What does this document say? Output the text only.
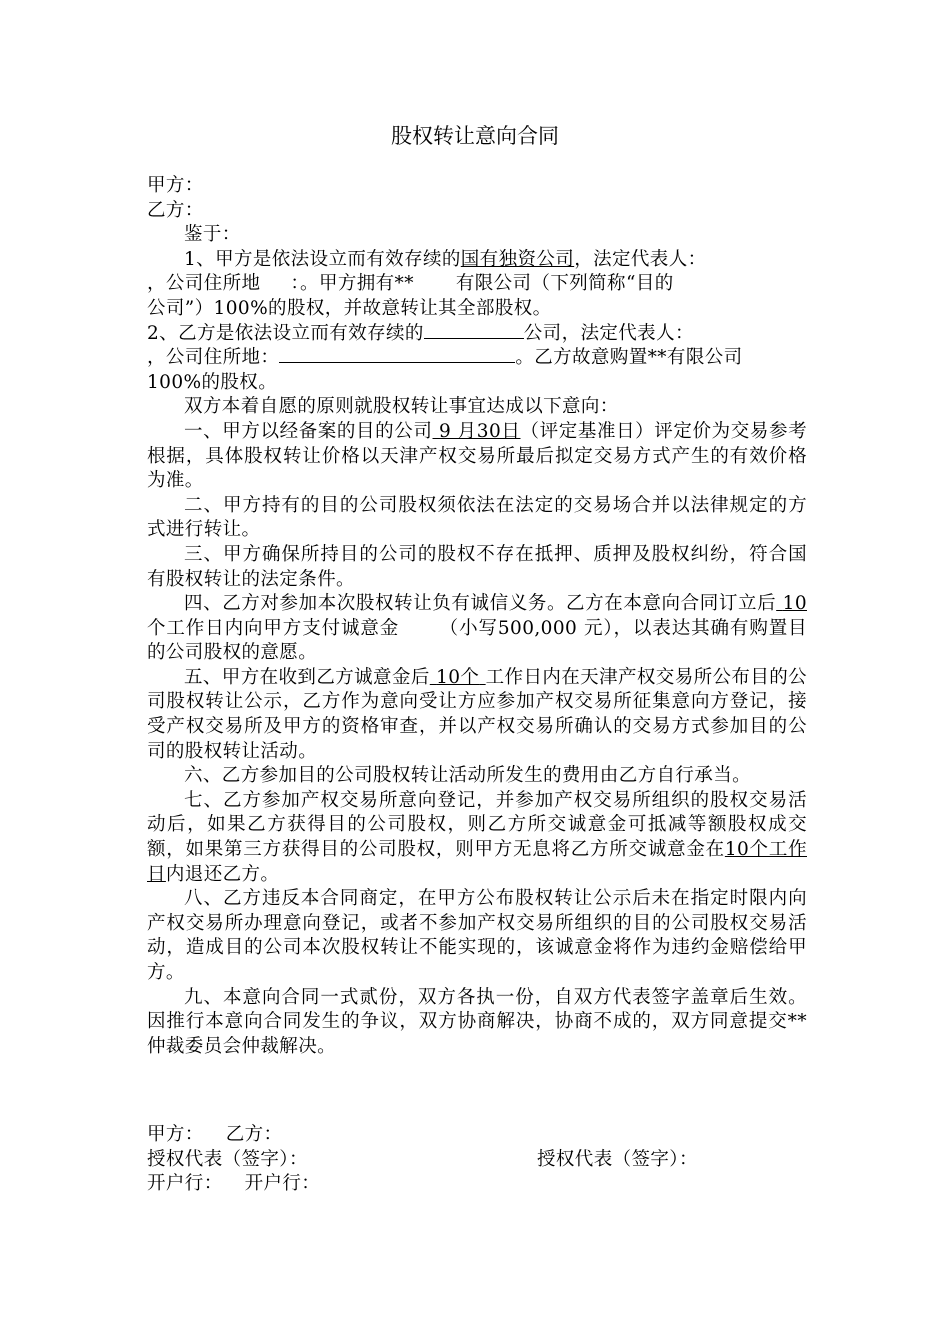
股权转让意向合同

甲方：

乙方：

鉴于：

1、甲方是依法设立而有效存续的国有独资公司，法定代表人：

，公司住所地 ：。甲方拥有** 有限公司（下列简称“目的

公司”）100%的股权，并故意转让其全部股权。

2、乙方是依法设立而有效存续的	公司，法定代表人：

，公司住所地：	。乙方故意购置**有限公司

100%的股权。

双方本着自愿的原则就股权转让事宜达成以下意向：

一、甲方以经备案的目的公司 9 月30日（评定基准日）评定价为交易参考根据，具体股权转让价格以天津产权交易所最后拟定交易方式产生的有效价格为准。

二、甲方持有的目的公司股权须依法在法定的交易场合并以法律规定的方式进行转让。

三、甲方确保所持目的公司的股权不存在抵押、质押及股权纠纷，符合国有股权转让的法定条件。

四、乙方对参加本次股权转让负有诚信义务。乙方在本意向合同订立后 10个工作日内向甲方支付诚意金 （小写500,000 元），以表达其确有购置目的公司股权的意愿。

五、甲方在收到乙方诚意金后 10个 工作日内在天津产权交易所公布目的公司股权转让公示，乙方作为意向受让方应参加产权交易所征集意向方登记，接受产权交易所及甲方的资格审查，并以产权交易所确认的交易方式参加目的公司的股权转让活动。

六、乙方参加目的公司股权转让活动所发生的费用由乙方自行承当。

七、乙方参加产权交易所意向登记，并参加产权交易所组织的股权交易活动后，如果乙方获得目的公司股权，则乙方所交诚意金可抵减等额股权成交额，如果第三方获得目的公司股权，则甲方无息将乙方所交诚意金在10个工作日内退还乙方。

八、乙方违反本合同商定，在甲方公布股权转让公示后未在指定时限内向产权交易所办理意向登记，或者不参加产权交易所组织的目的公司股权交易活动，造成目的公司本次股权转让不能实现的，该诚意金将作为违约金赔偿给甲方。

九、本意向合同一式贰份，双方各执一份，自双方代表签字盖章后生效。因推行本意向合同发生的争议，双方协商解决，协商不成的，双方同意提交**仲裁委员会仲裁解决。

甲方： 乙方：
授权代表（签字）：	授权代表（签字）：
开户行： 开户行：
